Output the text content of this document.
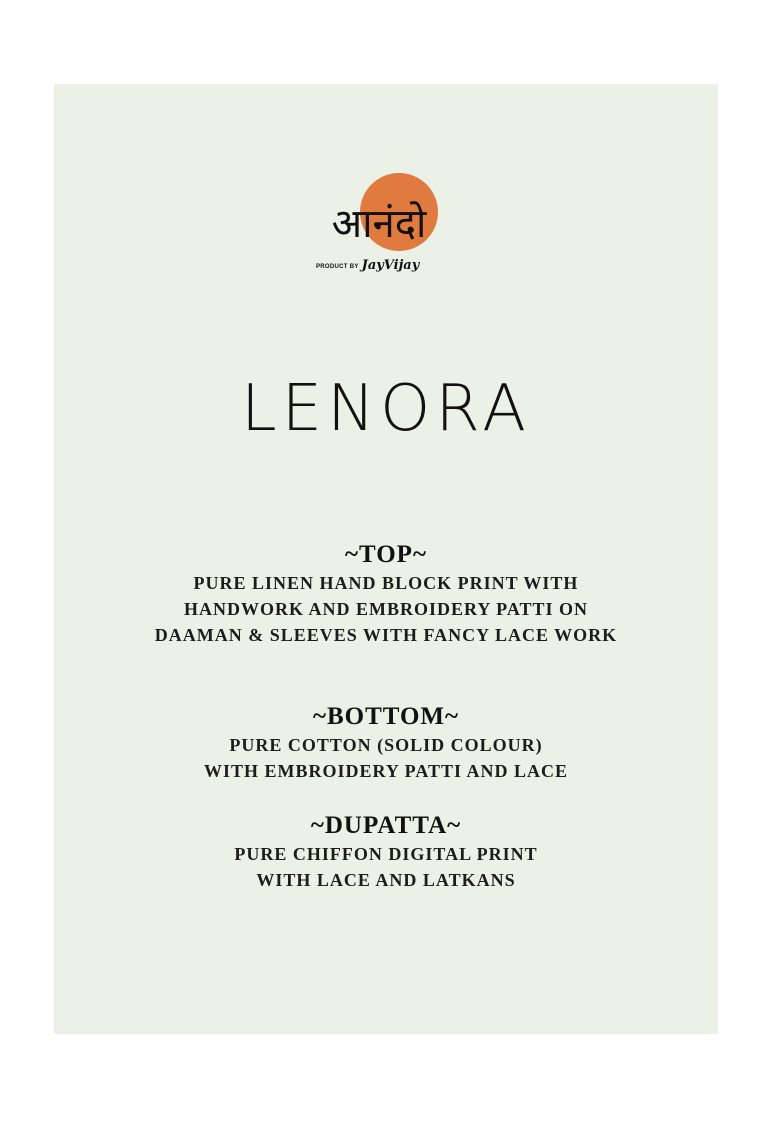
आनंदो
PRODUCT BY JayVijay
LENORA
~TOP~
PURE LINEN HAND BLOCK PRINT WITH
HANDWORK AND EMBROIDERY PATTI ON
DAAMAN & SLEEVES WITH FANCY LACE WORK
~BOTTOM~
PURE COTTON (SOLID COLOUR)
WITH EMBROIDERY PATTI AND LACE
~DUPATTA~
PURE CHIFFON DIGITAL PRINT
WITH LACE AND LATKANS
